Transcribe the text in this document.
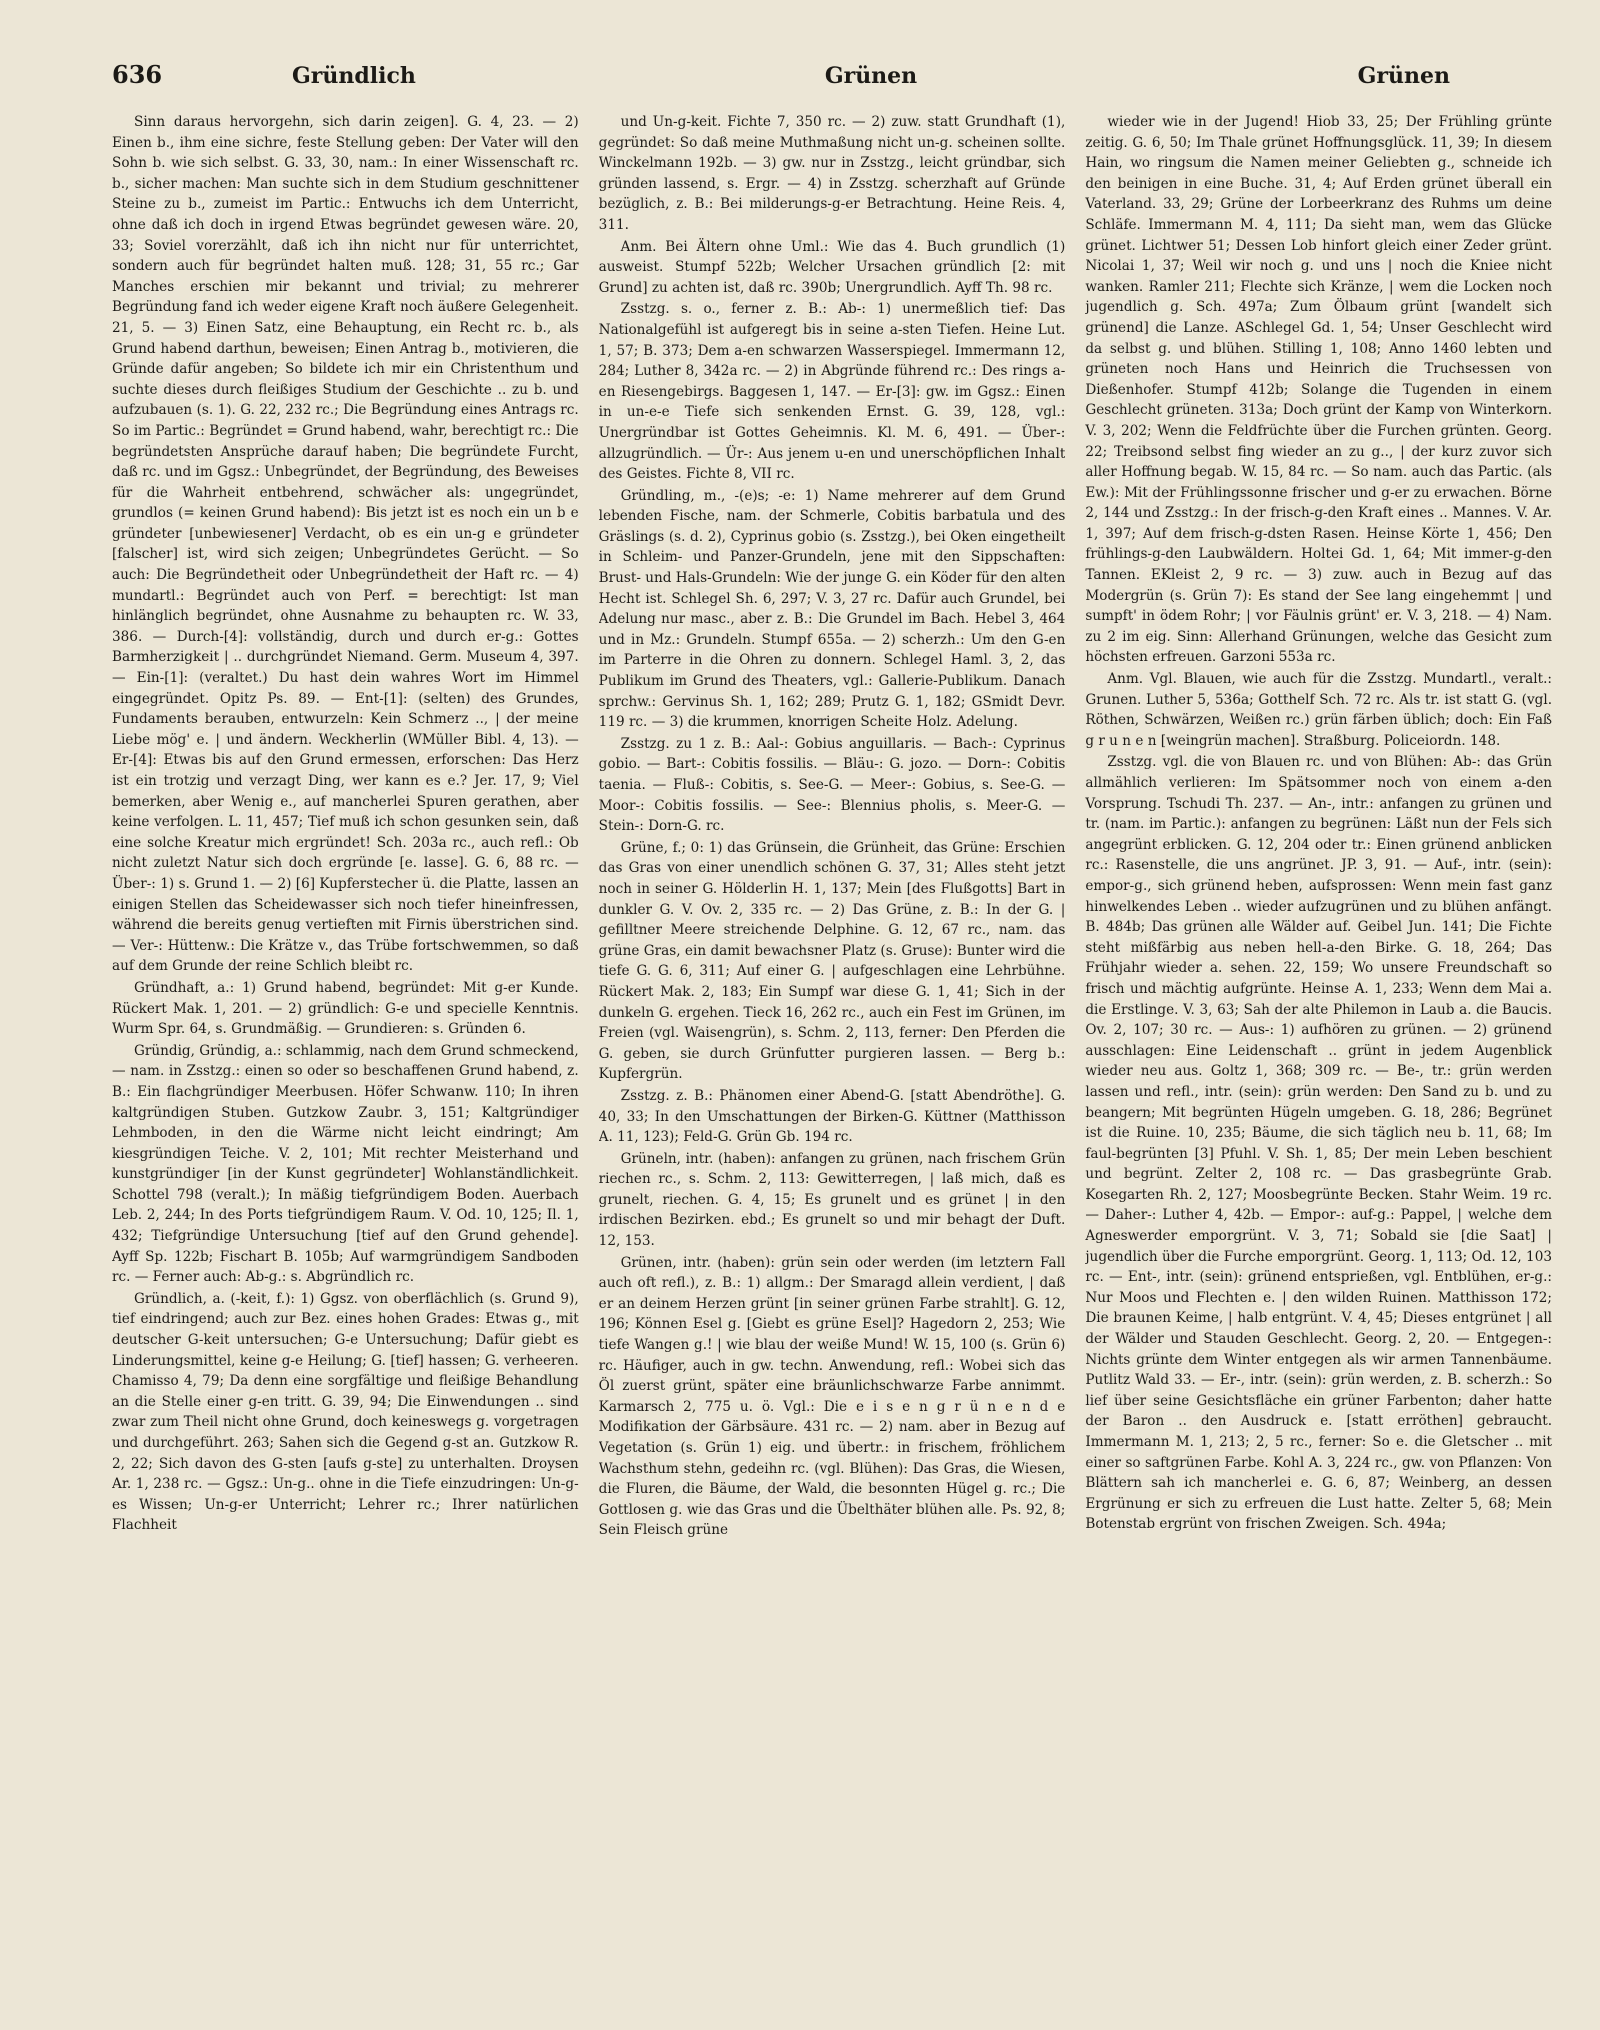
636	Gründlich	Grünen	Grünen

Sinn daraus hervorgehn, sich darin zeigen]. G. 4, 23. — 2) Einen b., ihm eine sichre, feste Stellung geben: Der Vater will den Sohn b. wie sich selbst. G. 33, 30, nam.: In einer Wissenschaft rc. b., sicher machen: Man suchte sich in dem Studium geschnittener Steine zu b., zumeist im Partic.: Entwuchs ich dem Unterricht, ohne daß ich doch in irgend Etwas begründet gewesen wäre. 20, 33; Soviel vorerzählt, daß ich ihn nicht nur für unterrichtet, sondern auch für begründet halten muß. 128; 31, 55 rc.; Gar Manches erschien mir bekannt und trivial; zu mehrerer Begründung fand ich weder eigene Kraft noch äußere Gelegenheit. 21, 5. — 3) Einen Satz, eine Behauptung, ein Recht rc. b., als Grund habend darthun, beweisen; Einen Antrag b., motivieren, die Gründe dafür angeben; So bildete ich mir ein Christenthum und suchte dieses durch fleißiges Studium der Geschichte .. zu b. und aufzubauen (s. 1). G. 22, 232 rc.; Die Begründung eines Antrags rc. So im Partic.: Begründet = Grund habend, wahr, berechtigt rc.: Die begründetsten Ansprüche darauf haben; Die begründete Furcht, daß rc. und im Ggsz.: Unbegründet, der Begründung, des Beweises für die Wahrheit entbehrend, schwächer als: ungegründet, grundlos (= keinen Grund habend): Bis jetzt ist es noch ein un b e gründeter [unbewiesener] Verdacht, ob es ein un-g e gründeter [falscher] ist, wird sich zeigen; Unbegründetes Gerücht. — So auch: Die Begründetheit oder Unbegründetheit der Haft rc. — 4) mundartl.: Begründet auch von Perf. = berechtigt: Ist man hinlänglich begründet, ohne Ausnahme zu behaupten rc. W. 33, 386. — Durch-[4]: vollständig, durch und durch er-g.: Gottes Barmherzigkeit | .. durchgründet Niemand. Germ. Museum 4, 397. — Ein-[1]: (veraltet.) Du hast dein wahres Wort im Himmel eingegründet. Opitz Ps. 89. — Ent-[1]: (selten) des Grundes, Fundaments berauben, entwurzeln: Kein Schmerz .., | der meine Liebe mög' e. | und ändern. Weckherlin (WMüller Bibl. 4, 13). — Er-[4]: Etwas bis auf den Grund ermessen, erforschen: Das Herz ist ein trotzig und verzagt Ding, wer kann es e.? Jer. 17, 9; Viel bemerken, aber Wenig e., auf mancherlei Spuren gerathen, aber keine verfolgen. L. 11, 457; Tief muß ich schon gesunken sein, daß eine solche Kreatur mich ergründet! Sch. 203a rc., auch refl.: Ob nicht zuletzt Natur sich doch ergründe [e. lasse]. G. 6, 88 rc. — Über-: 1) s. Grund 1. — 2) [6] Kupferstecher ü. die Platte, lassen an einigen Stellen das Scheidewasser sich noch tiefer hineinfressen, während die bereits genug vertieften mit Firnis überstrichen sind. — Ver-: Hüttenw.: Die Krätze v., das Trübe fortschwemmen, so daß auf dem Grunde der reine Schlich bleibt rc.

Gründhaft, a.: 1) Grund habend, begründet: Mit g-er Kunde. Rückert Mak. 1, 201. — 2) gründlich: G-e und specielle Kenntnis. Wurm Spr. 64, s. Grundmäßig. — Grundieren: s. Gründen 6.

Gründig, Gründig, a.: schlammig, nach dem Grund schmeckend, — nam. in Zsstzg.: einen so oder so beschaffenen Grund habend, z. B.: Ein flachgründiger Meerbusen. Höfer Schwanw. 110; In ihren kaltgründigen Stuben. Gutzkow Zaubr. 3, 151; Kaltgründiger Lehmboden, in den die Wärme nicht leicht eindringt; Am kiesgründigen Teiche. V. 2, 101; Mit rechter Meisterhand und kunstgründiger [in der Kunst gegründeter] Wohlanständlichkeit. Schottel 798 (veralt.); In mäßig tiefgründigem Boden. Auerbach Leb. 2, 244; In des Ports tiefgründigem Raum. V. Od. 10, 125; Il. 1, 432; Tiefgründige Untersuchung [tief auf den Grund gehende]. Ayff Sp. 122b; Fischart B. 105b; Auf warmgründigem Sandboden rc. — Ferner auch: Ab-g.: s. Abgründlich rc.

Gründlich, a. (-keit, f.): 1) Ggsz. von oberflächlich (s. Grund 9), tief eindringend; auch zur Bez. eines hohen Grades: Etwas g., mit deutscher G-keit untersuchen; G-e Untersuchung; Dafür giebt es Linderungsmittel, keine g-e Heilung; G. [tief] hassen; G. verheeren. Chamisso 4, 79; Da denn eine sorgfältige und fleißige Behandlung an die Stelle einer g-en tritt. G. 39, 94; Die Einwendungen .. sind zwar zum Theil nicht ohne Grund, doch keineswegs g. vorgetragen und durchgeführt. 263; Sahen sich die Gegend g-st an. Gutzkow R. 2, 22; Sich davon des G-sten [aufs g-ste] zu unterhalten. Droysen Ar. 1, 238 rc. — Ggsz.: Un-g.. ohne in die Tiefe einzudringen: Un-g-es Wissen; Un-g-er Unterricht; Lehrer rc.; Ihrer natürlichen Flachheit

und Un-g-keit. Fichte 7, 350 rc. — 2) zuw. statt Grundhaft (1), gegründet: So daß meine Muthmaßung nicht un-g. scheinen sollte. Winckelmann 192b. — 3) gw. nur in Zsstzg., leicht gründbar, sich gründen lassend, s. Ergr. — 4) in Zsstzg. scherzhaft auf Gründe bezüglich, z. B.: Bei milderungs-g-er Betrachtung. Heine Reis. 4, 311.

Anm. Bei Ältern ohne Uml.: Wie das 4. Buch grundlich (1) ausweist. Stumpf 522b; Welcher Ursachen gründlich [2: mit Grund] zu achten ist, daß rc. 390b; Unergrundlich. Ayff Th. 98 rc.

Zsstzg. s. o., ferner z. B.: Ab-: 1) unermeßlich tief: Das Nationalgefühl ist aufgeregt bis in seine a-sten Tiefen. Heine Lut. 1, 57; B. 373; Dem a-en schwarzen Wasserspiegel. Immermann 12, 284; Luther 8, 342a rc. — 2) in Abgründe führend rc.: Des rings a-en Riesengebirgs. Baggesen 1, 147. — Er-[3]: gw. im Ggsz.: Einen in un-e-e Tiefe sich senkenden Ernst. G. 39, 128, vgl.: Unergründbar ist Gottes Geheimnis. Kl. M. 6, 491. — Über-: allzugründlich. — Ür-: Aus jenem u-en und unerschöpflichen Inhalt des Geistes. Fichte 8, VII rc.

Gründling, m., -(e)s; -e: 1) Name mehrerer auf dem Grund lebenden Fische, nam. der Schmerle, Cobitis barbatula und des Gräslings (s. d. 2), Cyprinus gobio (s. Zsstzg.), bei Oken eingetheilt in Schleim- und Panzer-Grundeln, jene mit den Sippschaften: Brust- und Hals-Grundeln: Wie der junge G. ein Köder für den alten Hecht ist. Schlegel Sh. 6, 297; V. 3, 27 rc. Dafür auch Grundel, bei Adelung nur masc., aber z. B.: Die Grundel im Bach. Hebel 3, 464 und in Mz.: Grundeln. Stumpf 655a. — 2) scherzh.: Um den G-en im Parterre in die Ohren zu donnern. Schlegel Haml. 3, 2, das Publikum im Grund des Theaters, vgl.: Gallerie-Publikum. Danach sprchw.: Gervinus Sh. 1, 162; 289; Prutz G. 1, 182; GSmidt Devr. 119 rc. — 3) die krummen, knorrigen Scheite Holz. Adelung.

Zsstzg. zu 1 z. B.: Aal-: Gobius anguillaris. — Bach-: Cyprinus gobio. — Bart-: Cobitis fossilis. — Bläu-: G. jozo. — Dorn-: Cobitis taenia. — Fluß-: Cobitis, s. See-G. — Meer-: Gobius, s. See-G. — Moor-: Cobitis fossilis. — See-: Blennius pholis, s. Meer-G. — Stein-: Dorn-G. rc.

Grüne, f.; 0: 1) das Grünsein, die Grünheit, das Grüne: Erschien das Gras von einer unendlich schönen G. 37, 31; Alles steht jetzt noch in seiner G. Hölderlin H. 1, 137; Mein [des Flußgotts] Bart in dunkler G. V. Ov. 2, 335 rc. — 2) Das Grüne, z. B.: In der G. | gefilltner Meere streichende Delphine. G. 12, 67 rc., nam. das grüne Gras, ein damit bewachsner Platz (s. Gruse): Bunter wird die tiefe G. G. 6, 311; Auf einer G. | aufgeschlagen eine Lehrbühne. Rückert Mak. 2, 183; Ein Sumpf war diese G. 1, 41; Sich in der dunkeln G. ergehen. Tieck 16, 262 rc., auch ein Fest im Grünen, im Freien (vgl. Waisengrün), s. Schm. 2, 113, ferner: Den Pferden die G. geben, sie durch Grünfutter purgieren lassen. — Berg b.: Kupfergrün.

Zsstzg. z. B.: Phänomen einer Abend-G. [statt Abendröthe]. G. 40, 33; In den Umschattungen der Birken-G. Küttner (Matthisson A. 11, 123); Feld-G. Grün Gb. 194 rc.

Grüneln, intr. (haben): anfangen zu grünen, nach frischem Grün riechen rc., s. Schm. 2, 113: Gewitterregen, | laß mich, daß es grunelt, riechen. G. 4, 15; Es grunelt und es grünet | in den irdischen Bezirken. ebd.; Es grunelt so und mir behagt der Duft. 12, 153.

Grünen, intr. (haben): grün sein oder werden (im letztern Fall auch oft refl.), z. B.: 1) allgm.: Der Smaragd allein verdient, | daß er an deinem Herzen grünt [in seiner grünen Farbe strahlt]. G. 12, 196; Können Esel g. [Giebt es grüne Esel]? Hagedorn 2, 253; Wie tiefe Wangen g.! | wie blau der weiße Mund! W. 15, 100 (s. Grün 6) rc. Häufiger, auch in gw. techn. Anwendung, refl.: Wobei sich das Öl zuerst grünt, später eine bräunlichschwarze Farbe annimmt. Karmarsch 2, 775 u. ö. Vgl.: Die e i s e n g r ü n e n d e Modifikation der Gärbsäure. 431 rc. — 2) nam. aber in Bezug auf Vegetation (s. Grün 1) eig. und übertr.: in frischem, fröhlichem Wachsthum stehn, gedeihn rc. (vgl. Blühen): Das Gras, die Wiesen, die Fluren, die Bäume, der Wald, die besonnten Hügel g. rc.; Die Gottlosen g. wie das Gras und die Übelthäter blühen alle. Ps. 92, 8; Sein Fleisch grüne

wieder wie in der Jugend! Hiob 33, 25; Der Frühling grünte zeitig. G. 6, 50; Im Thale grünet Hoffnungsglück. 11, 39; In diesem Hain, wo ringsum die Namen meiner Geliebten g., schneide ich den beinigen in eine Buche. 31, 4; Auf Erden grünet überall ein Vaterland. 33, 29; Grüne der Lorbeerkranz des Ruhms um deine Schläfe. Immermann M. 4, 111; Da sieht man, wem das Glücke grünet. Lichtwer 51; Dessen Lob hinfort gleich einer Zeder grünt. Nicolai 1, 37; Weil wir noch g. und uns | noch die Kniee nicht wanken. Ramler 211; Flechte sich Kränze, | wem die Locken noch jugendlich g. Sch. 497a; Zum Ölbaum grünt [wandelt sich grünend] die Lanze. ASchlegel Gd. 1, 54; Unser Geschlecht wird da selbst g. und blühen. Stilling 1, 108; Anno 1460 lebten und grüneten noch Hans und Heinrich die Truchsessen von Dießenhofer. Stumpf 412b; Solange die Tugenden in einem Geschlecht grüneten. 313a; Doch grünt der Kamp von Winterkorn. V. 3, 202; Wenn die Feldfrüchte über die Furchen grünten. Georg. 22; Treibsond selbst fing wieder an zu g.., | der kurz zuvor sich aller Hoffnung begab. W. 15, 84 rc. — So nam. auch das Partic. (als Ew.): Mit der Frühlingssonne frischer und g-er zu erwachen. Börne 2, 144 und Zsstzg.: In der frisch-g-den Kraft eines .. Mannes. V. Ar. 1, 397; Auf dem frisch-g-dsten Rasen. Heinse Körte 1, 456; Den frühlings-g-den Laubwäldern. Holtei Gd. 1, 64; Mit immer-g-den Tannen. EKleist 2, 9 rc. — 3) zuw. auch in Bezug auf das Modergrün (s. Grün 7): Es stand der See lang eingehemmt | und sumpft' in ödem Rohr; | vor Fäulnis grünt' er. V. 3, 218. — 4) Nam. zu 2 im eig. Sinn: Allerhand Grünungen, welche das Gesicht zum höchsten erfreuen. Garzoni 553a rc.

Anm. Vgl. Blauen, wie auch für die Zsstzg. Mundartl., veralt.: Grunen. Luther 5, 536a; Gotthelf Sch. 72 rc. Als tr. ist statt G. (vgl. Röthen, Schwärzen, Weißen rc.) grün färben üblich; doch: Ein Faß g r u n e n [weingrün machen]. Straßburg. Policeiordn. 148.

Zsstzg. vgl. die von Blauen rc. und von Blühen: Ab-: das Grün allmählich verlieren: Im Spätsommer noch von einem a-den Vorsprung. Tschudi Th. 237. — An-, intr.: anfangen zu grünen und tr. (nam. im Partic.): anfangen zu begrünen: Läßt nun der Fels sich angegrünt erblicken. G. 12, 204 oder tr.: Einen grünend anblicken rc.: Rasenstelle, die uns angrünet. JP. 3, 91. — Auf-, intr. (sein): empor-g., sich grünend heben, aufsprossen: Wenn mein fast ganz hinwelkendes Leben .. wieder aufzugrünen und zu blühen anfängt. B. 484b; Das grünen alle Wälder auf. Geibel Jun. 141; Die Fichte steht mißfärbig aus neben hell-a-den Birke. G. 18, 264; Das Frühjahr wieder a. sehen. 22, 159; Wo unsere Freundschaft so frisch und mächtig aufgrünte. Heinse A. 1, 233; Wenn dem Mai a. die Erstlinge. V. 3, 63; Sah der alte Philemon in Laub a. die Baucis. Ov. 2, 107; 30 rc. — Aus-: 1) aufhören zu grünen. — 2) grünend ausschlagen: Eine Leidenschaft .. grünt in jedem Augenblick wieder neu aus. Goltz 1, 368; 309 rc. — Be-, tr.: grün werden lassen und refl., intr. (sein): grün werden: Den Sand zu b. und zu beangern; Mit begrünten Hügeln umgeben. G. 18, 286; Begrünet ist die Ruine. 10, 235; Bäume, die sich täglich neu b. 11, 68; Im faul-begrünten [3] Pfuhl. V. Sh. 1, 85; Der mein Leben beschient und begrünt. Zelter 2, 108 rc. — Das grasbegrünte Grab. Kosegarten Rh. 2, 127; Moosbegrünte Becken. Stahr Weim. 19 rc. — Daher-: Luther 4, 42b. — Empor-: auf-g.: Pappel, | welche dem Agneswerder emporgrünt. V. 3, 71; Sobald sie [die Saat] | jugendlich über die Furche emporgrünt. Georg. 1, 113; Od. 12, 103 rc. — Ent-, intr. (sein): grünend entsprießen, vgl. Entblühen, er-g.: Nur Moos und Flechten e. | den wilden Ruinen. Matthisson 172; Die braunen Keime, | halb entgrünt. V. 4, 45; Dieses entgrünet | all der Wälder und Stauden Geschlecht. Georg. 2, 20. — Entgegen-: Nichts grünte dem Winter entgegen als wir armen Tannenbäume. Putlitz Wald 33. — Er-, intr. (sein): grün werden, z. B. scherzh.: So lief über seine Gesichtsfläche ein grüner Farbenton; daher hatte der Baron .. den Ausdruck e. [statt erröthen] gebraucht. Immermann M. 1, 213; 2, 5 rc., ferner: So e. die Gletscher .. mit einer so saftgrünen Farbe. Kohl A. 3, 224 rc., gw. von Pflanzen: Von Blättern sah ich mancherlei e. G. 6, 87; Weinberg, an dessen Ergrünung er sich zu erfreuen die Lust hatte. Zelter 5, 68; Mein Botenstab ergrünt von frischen Zweigen. Sch. 494a;
